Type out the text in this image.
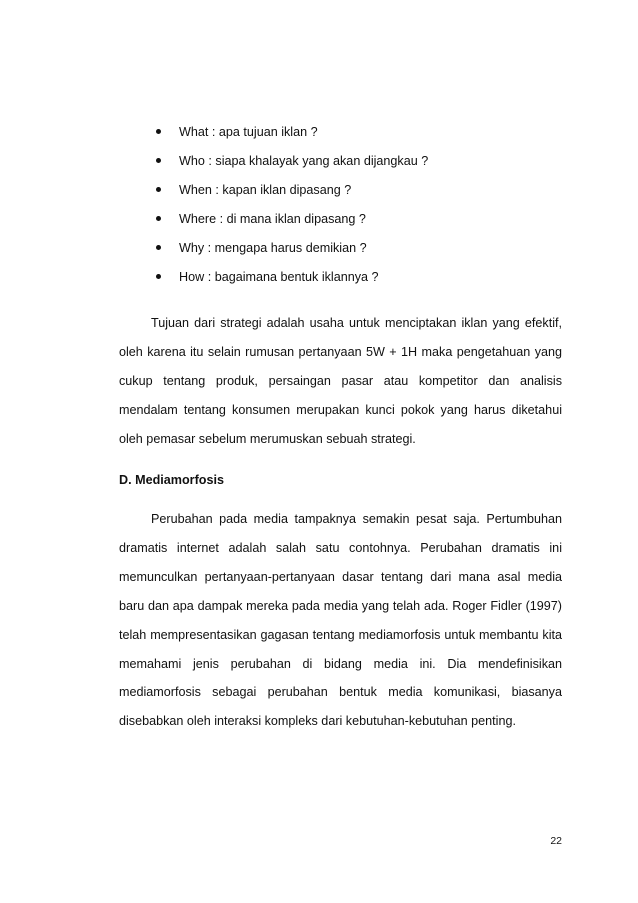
What : apa tujuan iklan ?
Who : siapa khalayak yang akan dijangkau ?
When : kapan iklan dipasang ?
Where : di mana iklan dipasang ?
Why : mengapa harus demikian ?
How : bagaimana bentuk iklannya ?

Tujuan dari strategi adalah usaha untuk menciptakan iklan yang efektif, oleh karena itu selain rumusan pertanyaan 5W + 1H maka pengetahuan yang cukup tentang produk, persaingan pasar atau kompetitor dan analisis mendalam tentang konsumen merupakan kunci pokok yang harus diketahui oleh pemasar sebelum merumuskan sebuah strategi.

D. Mediamorfosis

Perubahan pada media tampaknya semakin pesat saja. Pertumbuhan dramatis internet adalah salah satu contohnya. Perubahan dramatis ini memunculkan pertanyaan-pertanyaan dasar tentang dari mana asal media baru dan apa dampak mereka pada media yang telah ada. Roger Fidler (1997) telah mempresentasikan gagasan tentang mediamorfosis untuk membantu kita memahami jenis perubahan di bidang media ini. Dia mendefinisikan mediamorfosis sebagai perubahan bentuk media komunikasi, biasanya disebabkan oleh interaksi kompleks dari kebutuhan-kebutuhan penting.

22
